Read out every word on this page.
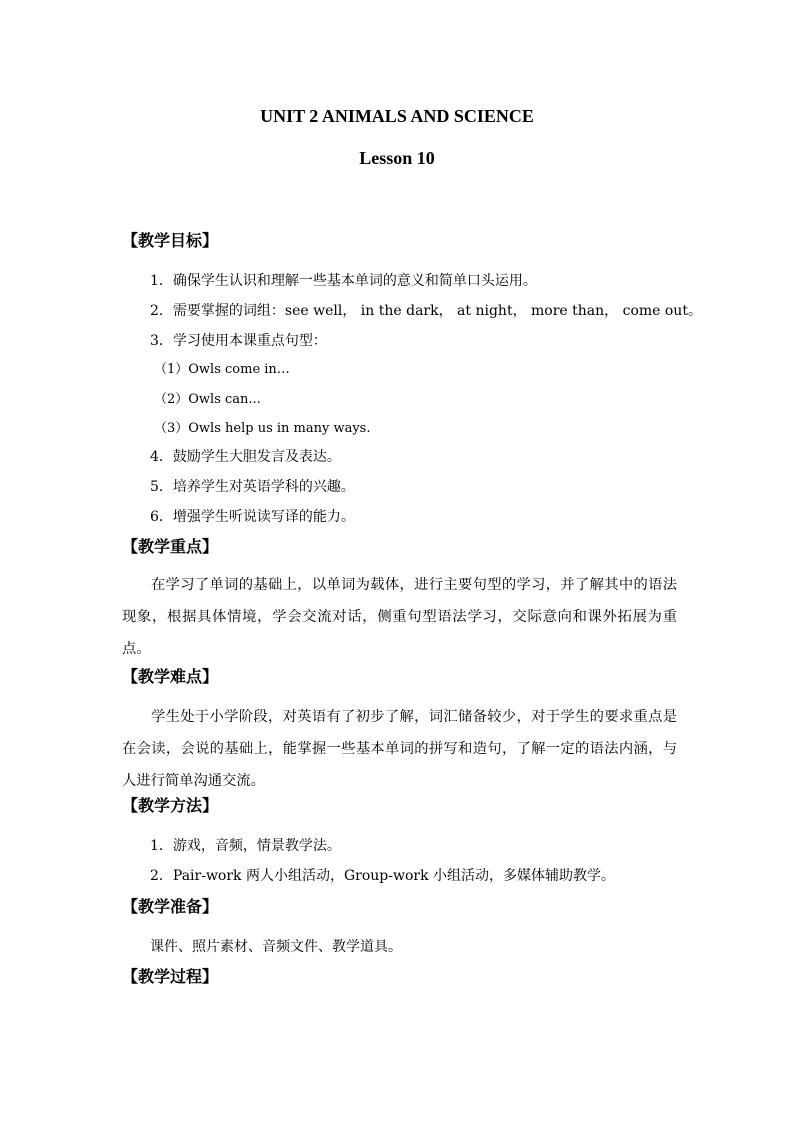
UNIT 2 ANIMALS AND SCIENCE
Lesson 10
【教学目标】
1．确保学生认识和理解一些基本单词的意义和简单口头运用。
2．需要掌握的词组：see well， in the dark， at night， more than， come out。
3．学习使用本课重点句型：
（1）Owls come in…
（2）Owls can...
（3）Owls help us in many ways.
4．鼓励学生大胆发言及表达。
5．培养学生对英语学科的兴趣。
6．增强学生听说读写译的能力。
【教学重点】
在学习了单词的基础上，以单词为载体，进行主要句型的学习，并了解其中的语法现象，根据具体情境，学会交流对话，侧重句型语法学习，交际意向和课外拓展为重点。
【教学难点】
学生处于小学阶段，对英语有了初步了解，词汇储备较少，对于学生的要求重点是在会读，会说的基础上，能掌握一些基本单词的拼写和造句，了解一定的语法内涵，与人进行简单沟通交流。
【教学方法】
1．游戏，音频，情景教学法。
2．Pair-work 两人小组活动，Group-work 小组活动，多媒体辅助教学。
【教学准备】
课件、照片素材、音频文件、教学道具。
【教学过程】
